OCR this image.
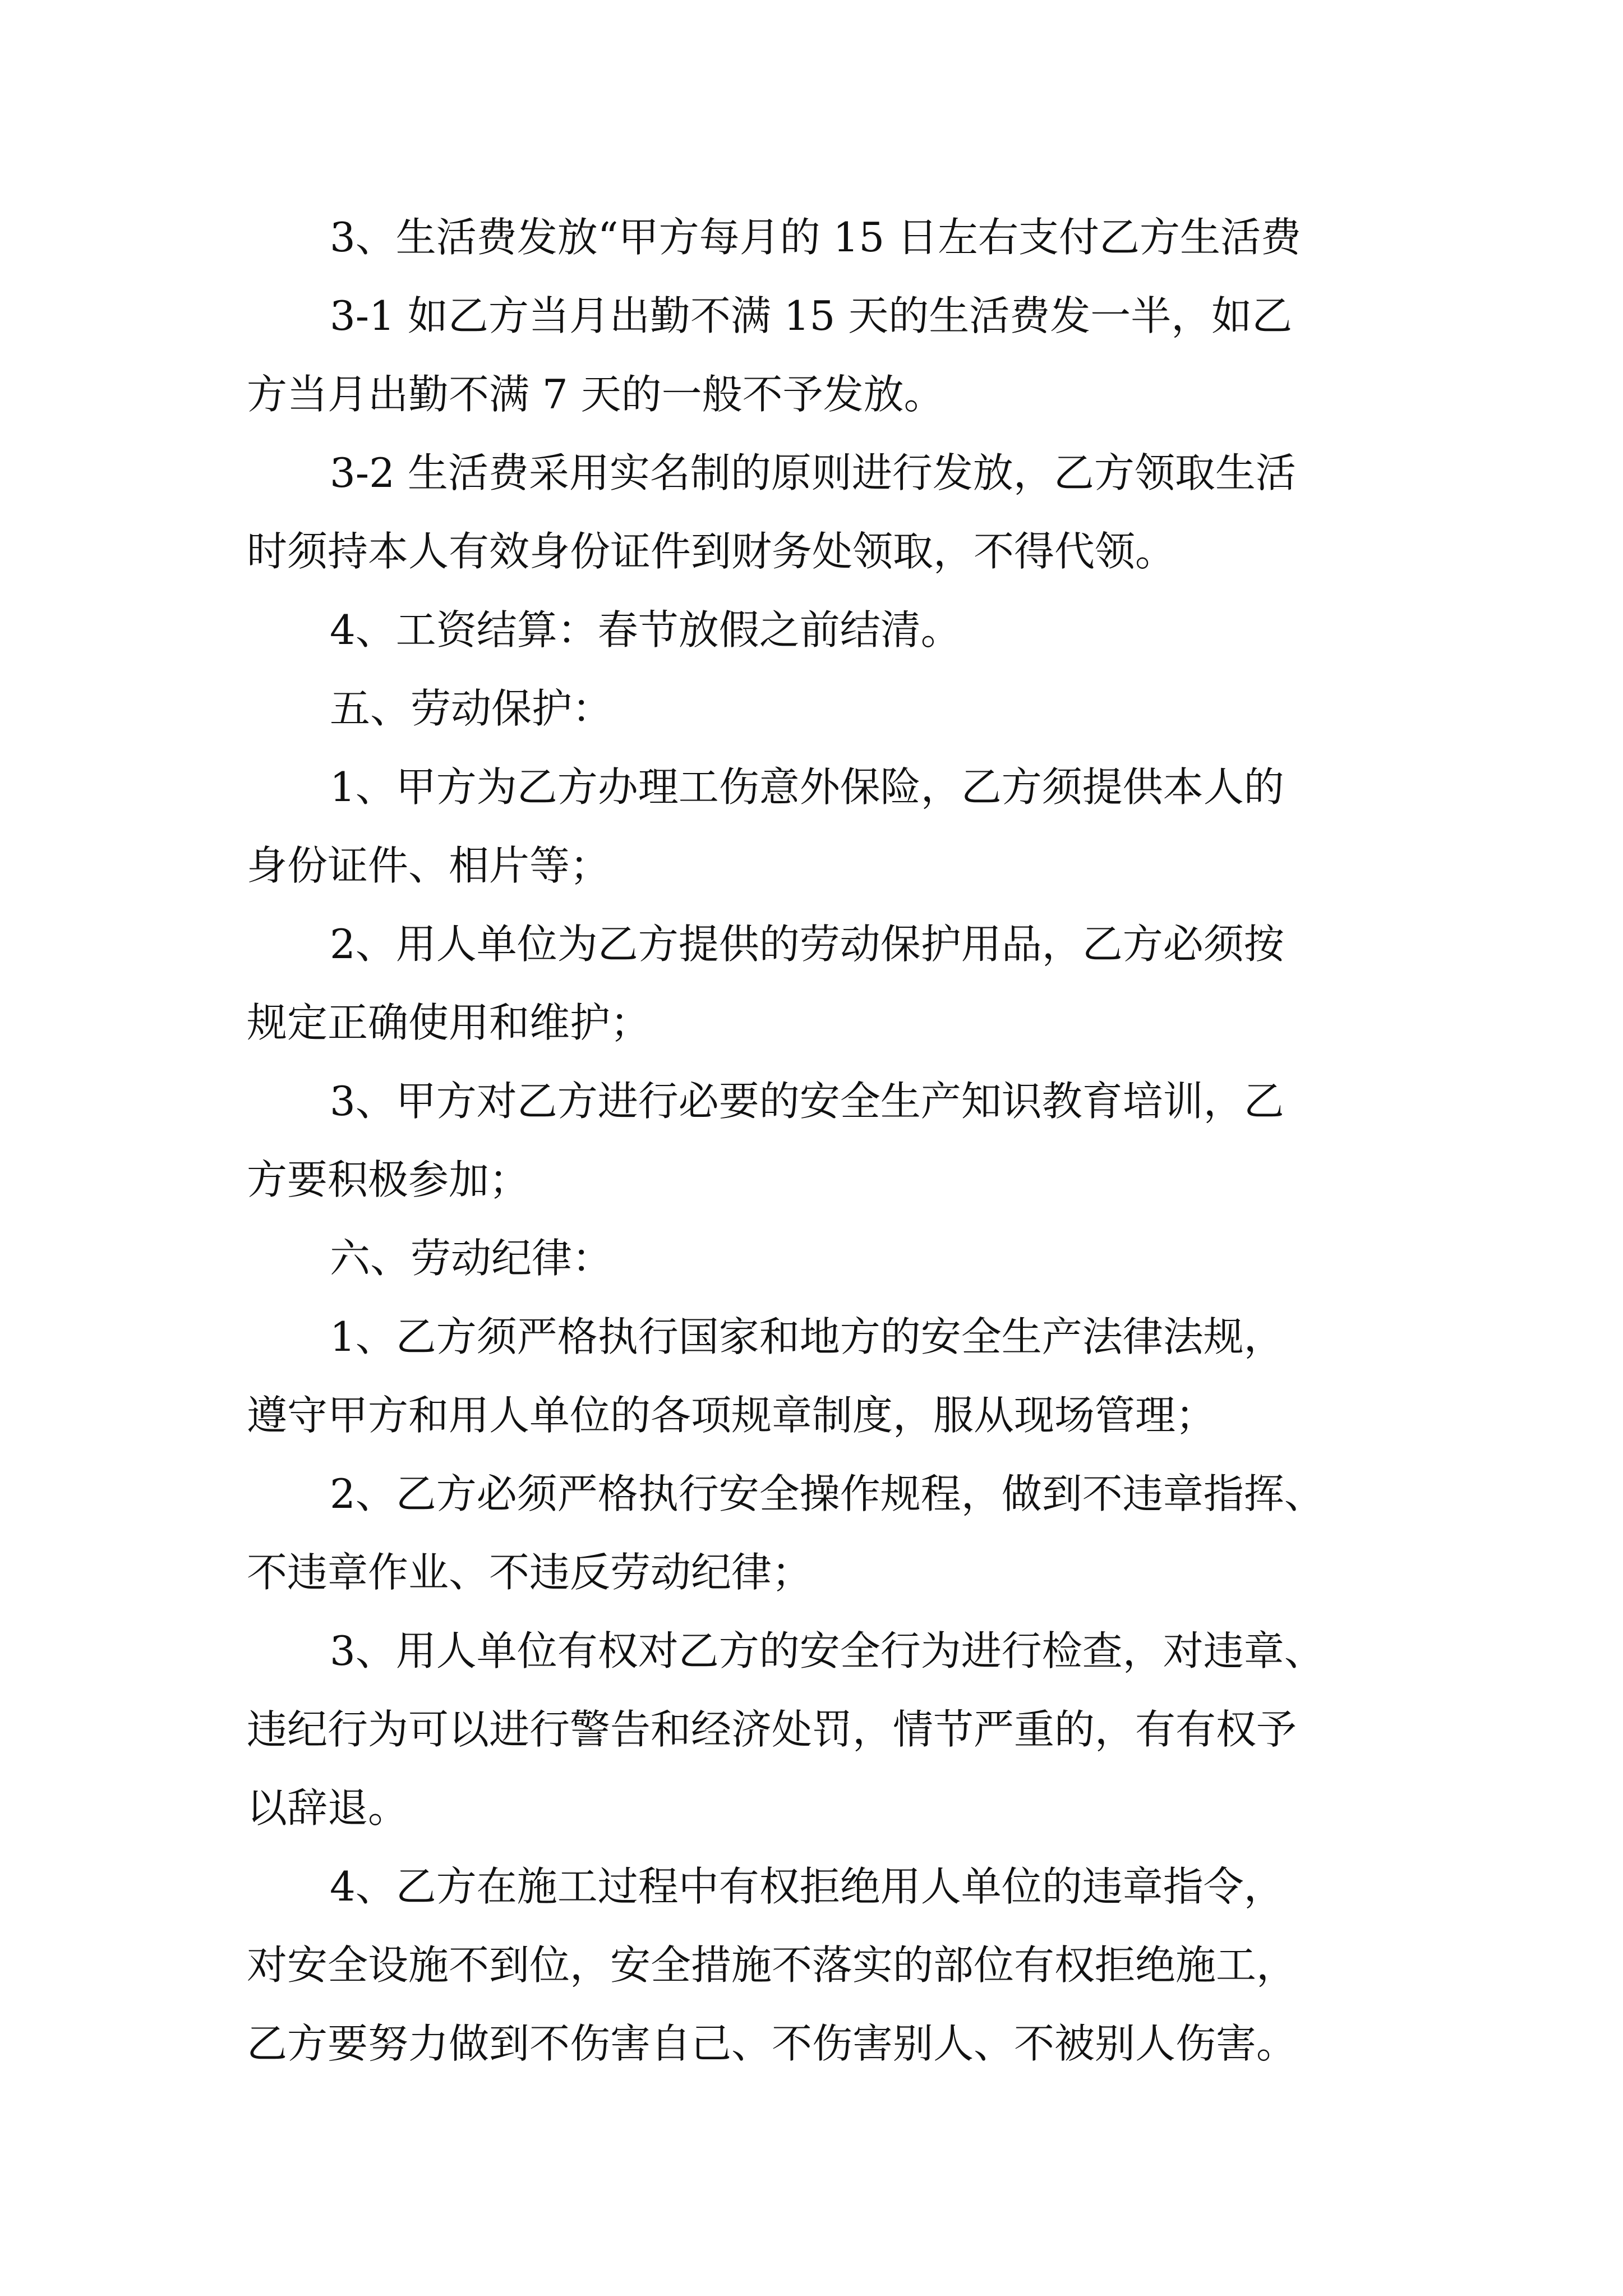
3、生活费发放“甲方每月的 15 日左右支付乙方生活费
3-1 如乙方当月出勤不满 15 天的生活费发一半，如乙
方当月出勤不满 7 天的一般不予发放。
3-2 生活费采用实名制的原则进行发放，乙方领取生活
时须持本人有效身份证件到财务处领取，不得代领。
4、工资结算：春节放假之前结清。
五、劳动保护：
1、甲方为乙方办理工伤意外保险，乙方须提供本人的
身份证件、相片等；
2、用人单位为乙方提供的劳动保护用品，乙方必须按
规定正确使用和维护；
3、甲方对乙方进行必要的安全生产知识教育培训，乙
方要积极参加；
六、劳动纪律：
1、乙方须严格执行国家和地方的安全生产法律法规，
遵守甲方和用人单位的各项规章制度，服从现场管理；
2、乙方必须严格执行安全操作规程，做到不违章指挥、
不违章作业、不违反劳动纪律；
3、用人单位有权对乙方的安全行为进行检查，对违章、
违纪行为可以进行警告和经济处罚，情节严重的，有有权予
以辞退。
4、乙方在施工过程中有权拒绝用人单位的违章指令，
对安全设施不到位，安全措施不落实的部位有权拒绝施工，
乙方要努力做到不伤害自己、不伤害别人、不被别人伤害。
